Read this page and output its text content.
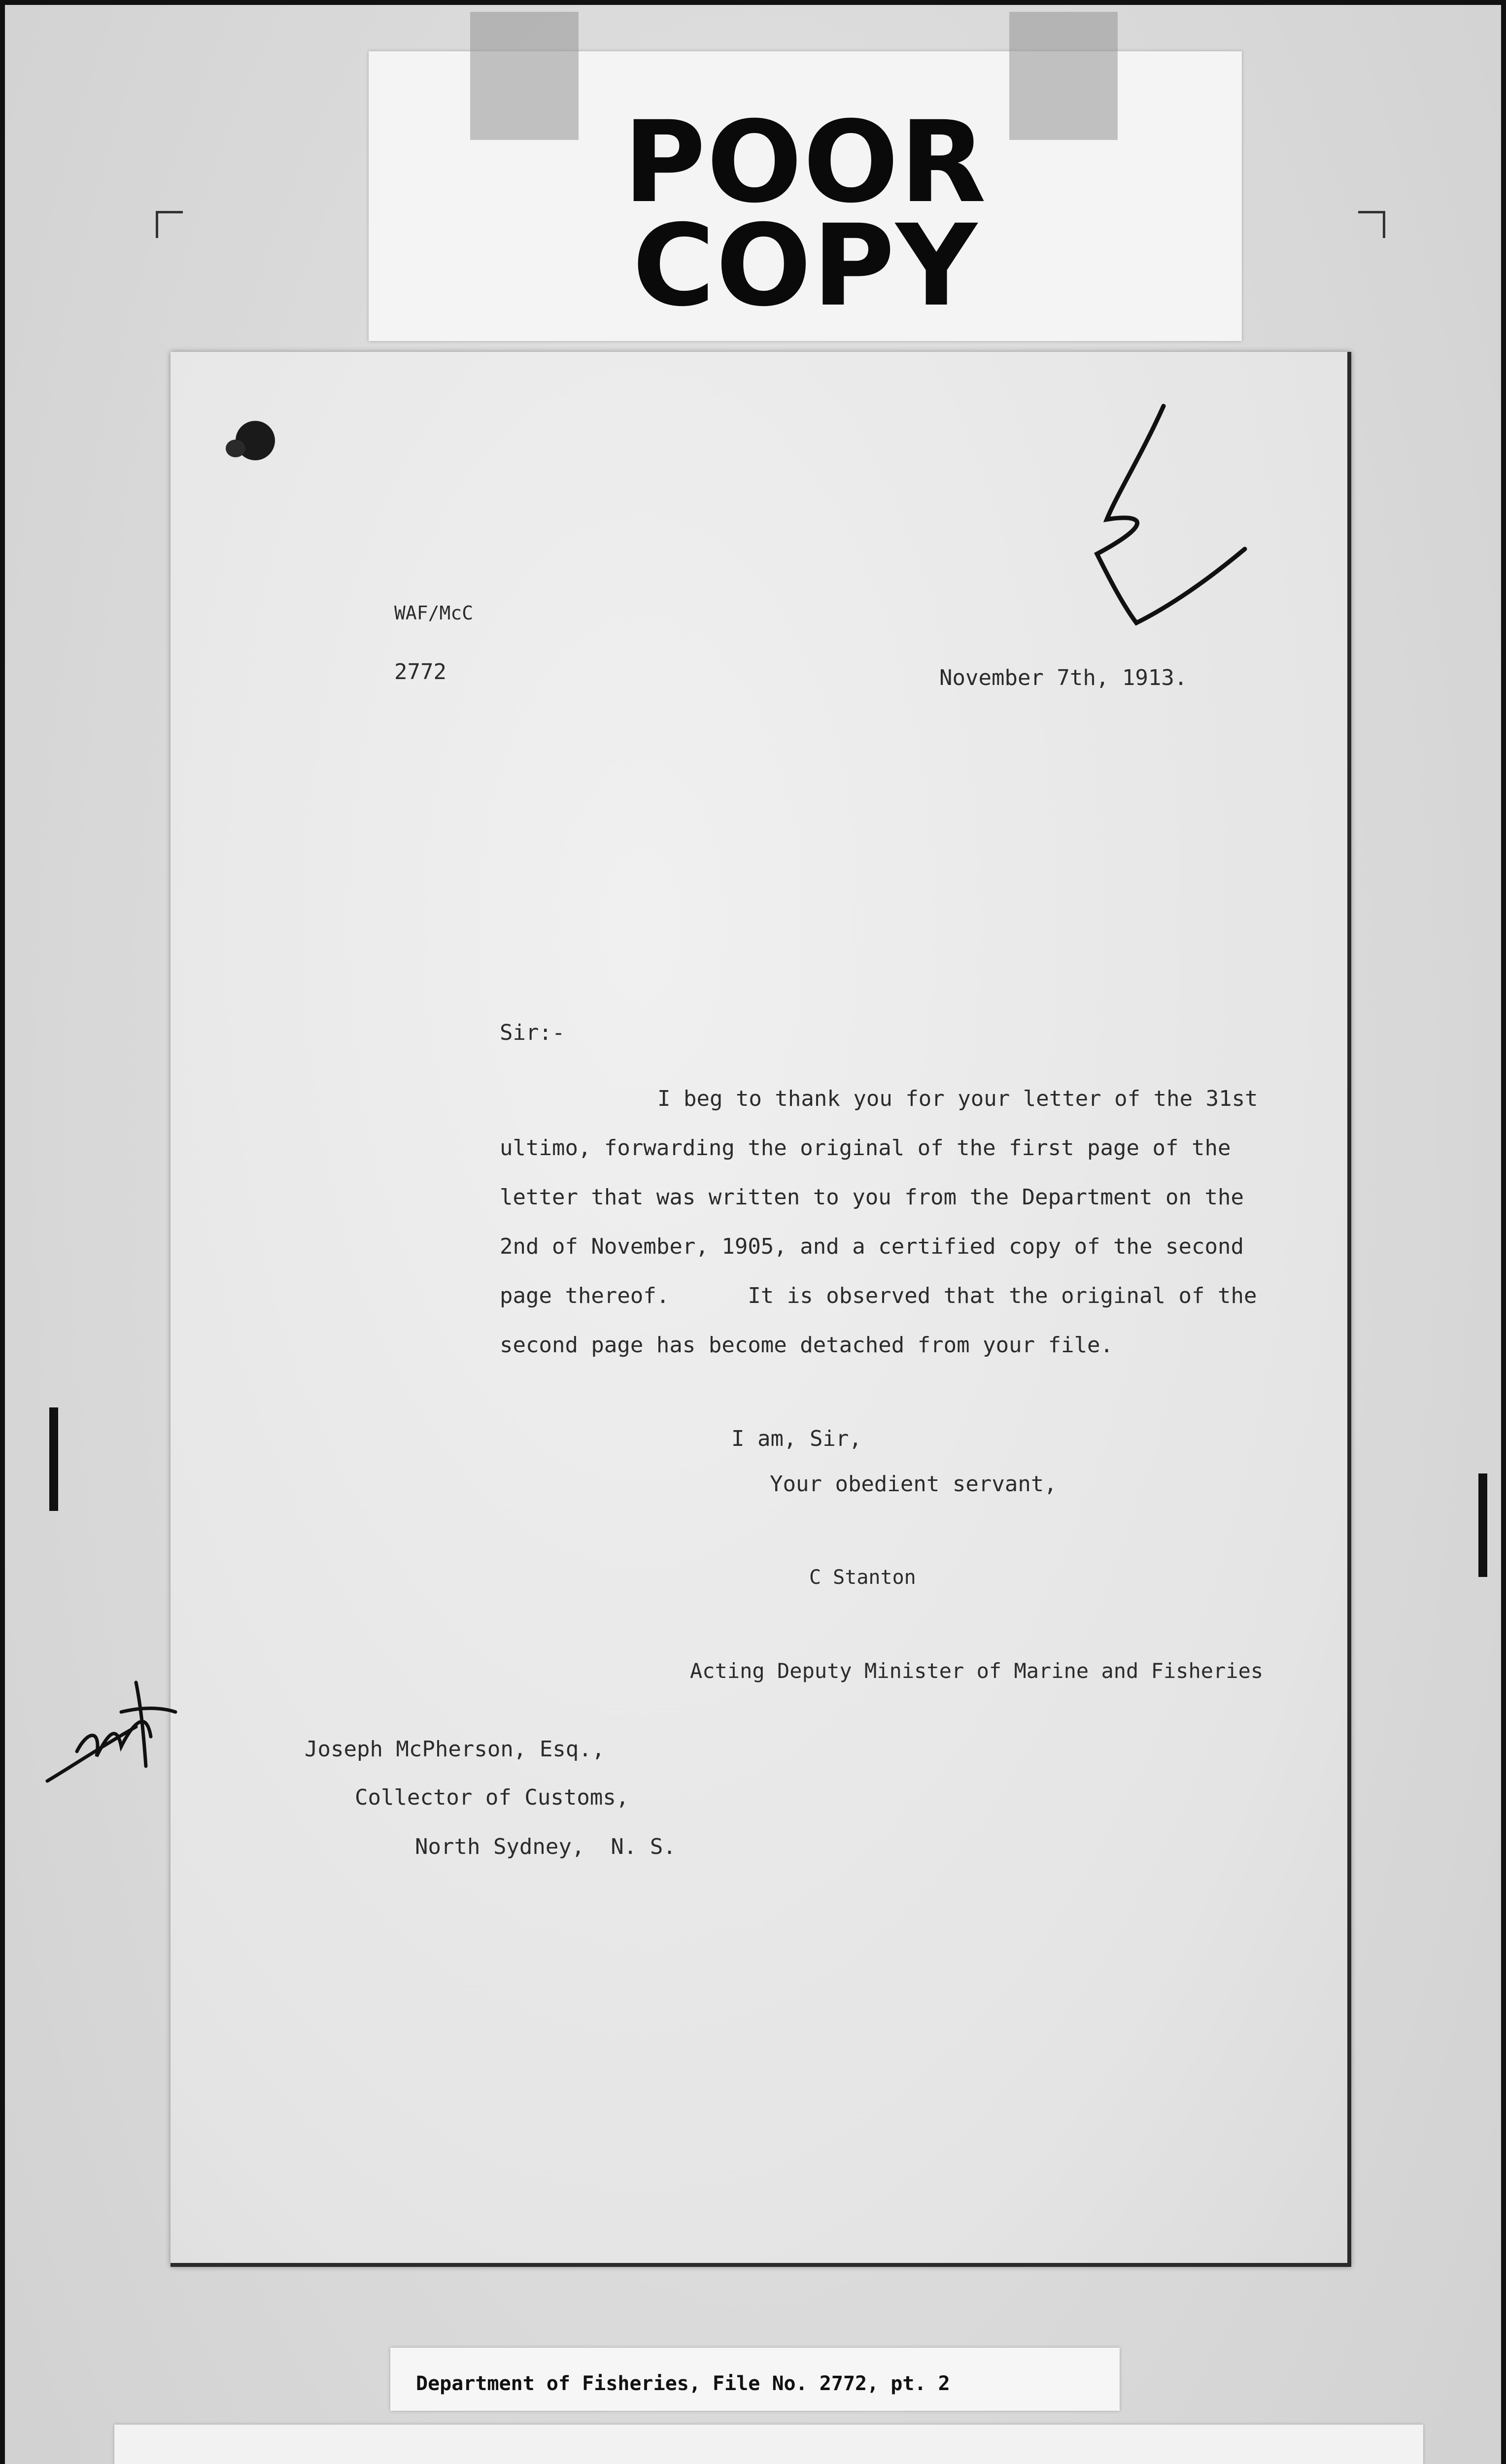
POOR
COPY
WAF/McC
2772	November 7th, 1913.
Sir:-
I beg to thank you for your letter of the 31st
ultimo, forwarding the original of the first page of the
letter that was written to you from the Department on the
2nd of November, 1905, and a certified copy of the second
page thereof.      It is observed that the original of the
second page has become detached from your file.
I am, Sir,
Your obedient servant,
C Stanton
Acting Deputy Minister of Marine and Fisheries
Joseph McPherson, Esq.,
Collector of Customs,
North Sydney,  N. S.
Department of Fisheries, File No. 2772, pt. 2
